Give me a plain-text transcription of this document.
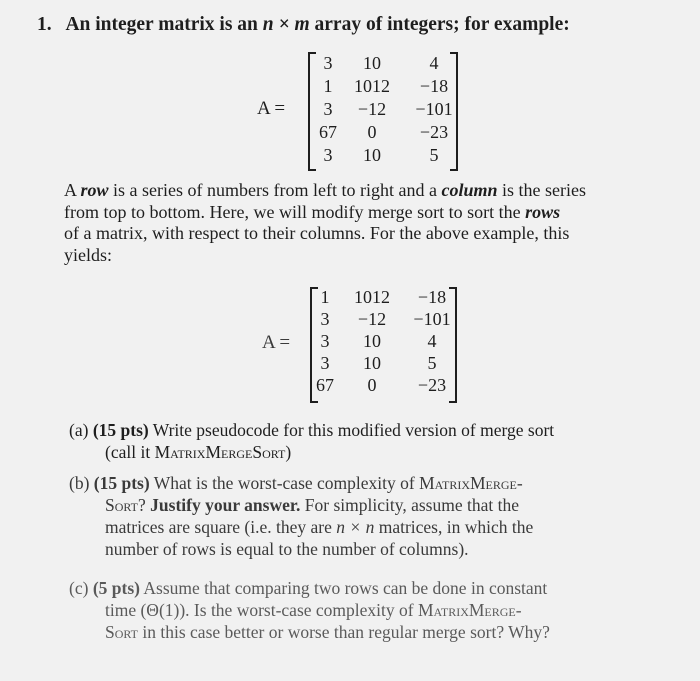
1. An integer matrix is an n × m array of integers; for example:
A =
3	10	4
1	1012	−18
3	−12	−101
67	0	−23
3	10	5
A row is a series of numbers from left to right and a column is the series
from top to bottom. Here, we will modify merge sort to sort the rows
of a matrix, with respect to their columns. For the above example, this
yields:
A =
1	1012	−18
3	−12	−101
3	10	4
3	10	5
67	0	−23
(a) (15 pts) Write pseudocode for this modified version of merge sort
(call it MatrixMergeSort)
(b) (15 pts) What is the worst-case complexity of MatrixMerge-
Sort? Justify your answer. For simplicity, assume that the
matrices are square (i.e. they are n × n matrices, in which the
number of rows is equal to the number of columns).
(c) (5 pts) Assume that comparing two rows can be done in constant
time (Θ(1)). Is the worst-case complexity of MatrixMerge-
Sort in this case better or worse than regular merge sort? Why?
